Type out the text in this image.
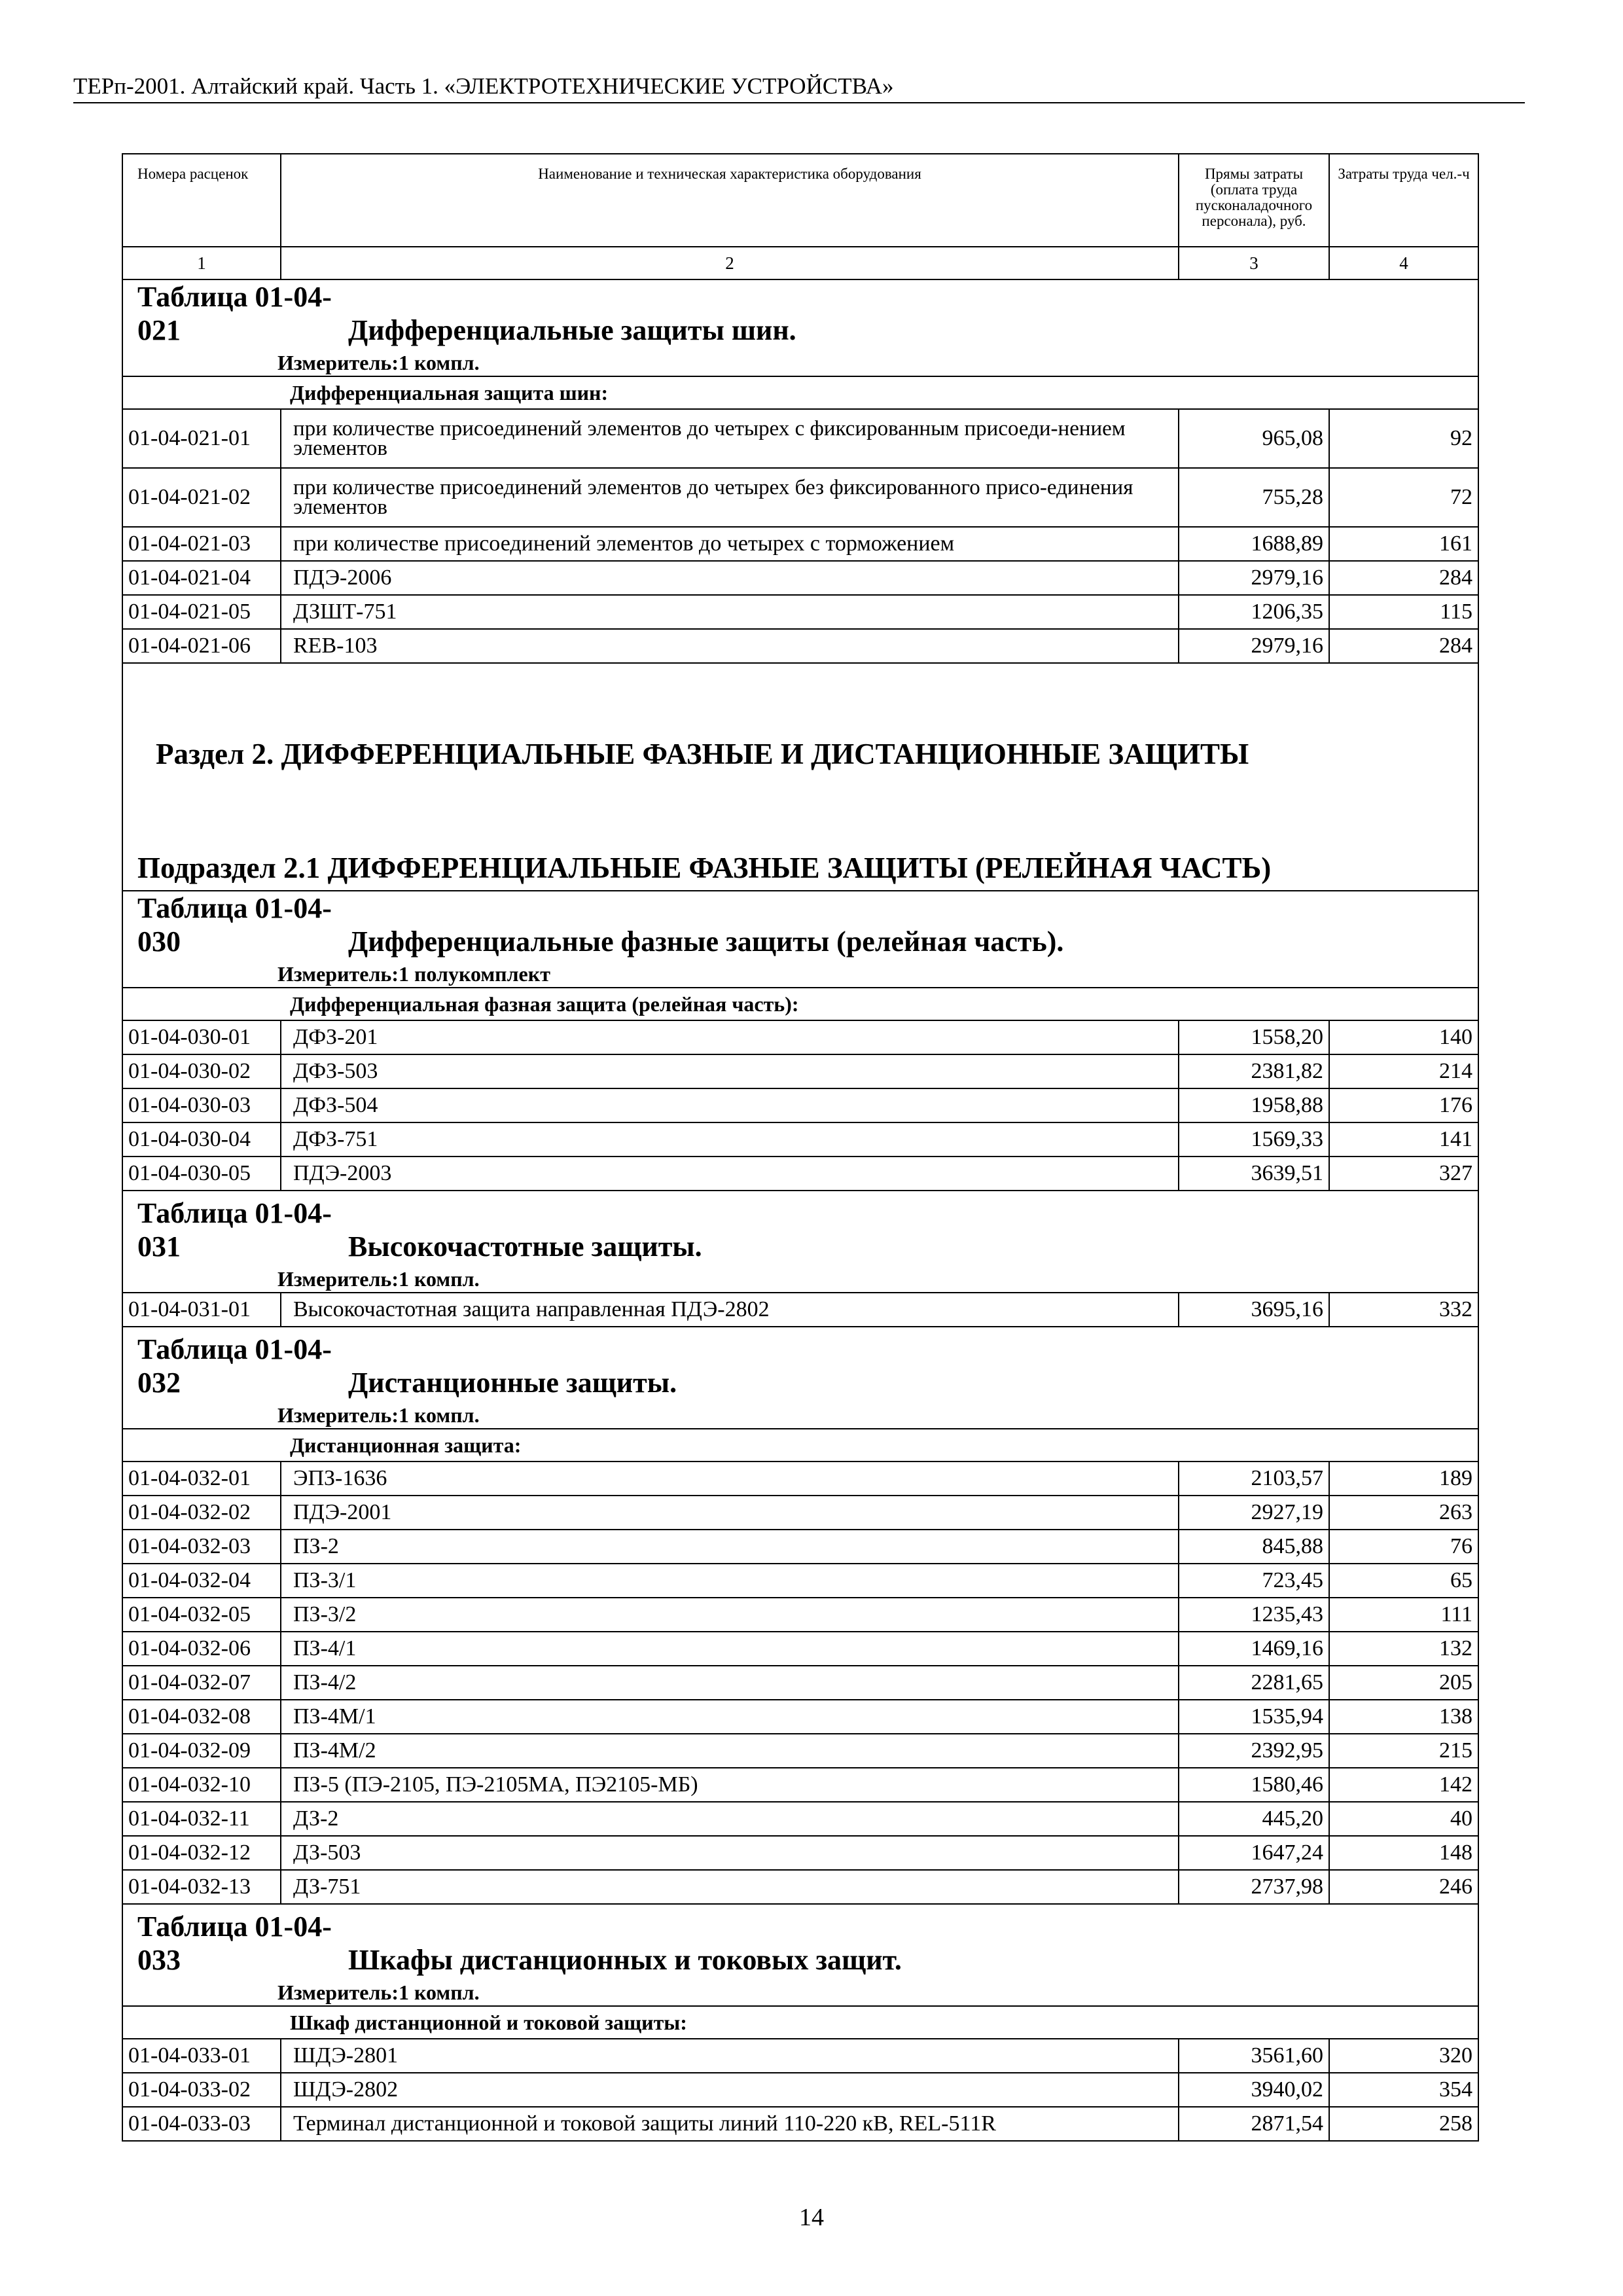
ТЕРп-2001. Алтайский край. Часть 1. «ЭЛЕКТРОТЕХНИЧЕСКИЕ УСТРОЙСТВА»
Номера расценок	Наименование и техническая характеристика оборудования	Прямы затраты (оплата труда пусконаладочного персонала), руб.	Затраты труда чел.-ч
1	2	3	4
Таблица 01-04-021 Дифференциальные защиты шин.			
Измеритель:1 компл.			
	Дифференциальная защита шин:		
01-04-021-01	при количестве присоединений элементов до четырех с фиксированным присоеди-нением элементов	965,08	92
01-04-021-02	при количестве присоединений элементов до четырех без фиксированного присо-единения элементов	755,28	72
01-04-021-03	при количестве присоединений элементов до четырех с торможением	1688,89	161
01-04-021-04	ПДЭ-2006	2979,16	284
01-04-021-05	ДЗШТ-751	1206,35	115
01-04-021-06	REB-103	2979,16	284
Раздел 2. ДИФФЕРЕНЦИАЛЬНЫЕ ФАЗНЫЕ И ДИСТАНЦИОННЫЕ ЗАЩИТЫ			
Подраздел 2.1 ДИФФЕРЕНЦИАЛЬНЫЕ ФАЗНЫЕ ЗАЩИТЫ (РЕЛЕЙНАЯ ЧАСТЬ)			
Таблица 01-04-030 Дифференциальные фазные защиты (релейная часть).			
Измеритель:1 полукомплект			
	Дифференциальная фазная защита (релейная часть):		
01-04-030-01	ДФЗ-201	1558,20	140
01-04-030-02	ДФЗ-503	2381,82	214
01-04-030-03	ДФЗ-504	1958,88	176
01-04-030-04	ДФЗ-751	1569,33	141
01-04-030-05	ПДЭ-2003	3639,51	327
Таблица 01-04-031 Высокочастотные защиты.			
Измеритель:1 компл.			
01-04-031-01	Высокочастотная защита направленная ПДЭ-2802	3695,16	332
Таблица 01-04-032 Дистанционные защиты.			
Измеритель:1 компл.			
	Дистанционная защита:		
01-04-032-01	ЭПЗ-1636	2103,57	189
01-04-032-02	ПДЭ-2001	2927,19	263
01-04-032-03	ПЗ-2	845,88	76
01-04-032-04	ПЗ-3/1	723,45	65
01-04-032-05	ПЗ-3/2	1235,43	111
01-04-032-06	ПЗ-4/1	1469,16	132
01-04-032-07	ПЗ-4/2	2281,65	205
01-04-032-08	ПЗ-4М/1	1535,94	138
01-04-032-09	ПЗ-4М/2	2392,95	215
01-04-032-10	ПЗ-5 (ПЭ-2105, ПЭ-2105МА, ПЭ2105-МБ)	1580,46	142
01-04-032-11	ДЗ-2	445,20	40
01-04-032-12	ДЗ-503	1647,24	148
01-04-032-13	ДЗ-751	2737,98	246
Таблица 01-04-033 Шкафы дистанционных и токовых защит.			
Измеритель:1 компл.			
	Шкаф дистанционной и токовой защиты:		
01-04-033-01	ШДЭ-2801	3561,60	320
01-04-033-02	ШДЭ-2802	3940,02	354
01-04-033-03	Терминал дистанционной и токовой защиты линий 110-220 кВ, REL-511R	2871,54	258
14
